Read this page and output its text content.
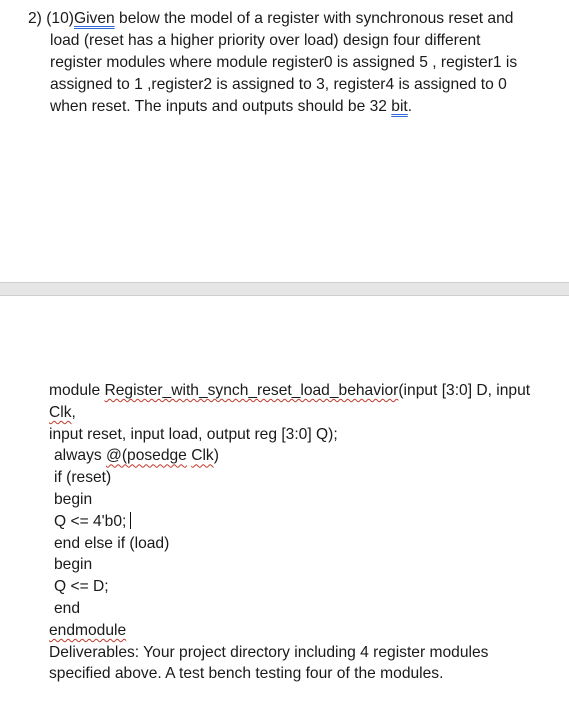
2) (10)Given below the model of a register with synchronous reset and
load (reset has a higher priority over load) design four different
register modules where module register0 is assigned 5 , register1 is
assigned to 1 ,register2 is assigned to 3, register4 is assigned to 0
when reset. The inputs and outputs should be 32 bit.
module Register_with_synch_reset_load_behavior(input [3:0] D, input
Clk,
input reset, input load, output reg [3:0] Q);
always @(posedge Clk)
if (reset)
begin
Q <= 4'b0;
end else if (load)
begin
Q <= D;
end
endmodule
Deliverables: Your project directory including 4 register modules
specified above. A test bench testing four of the modules.
